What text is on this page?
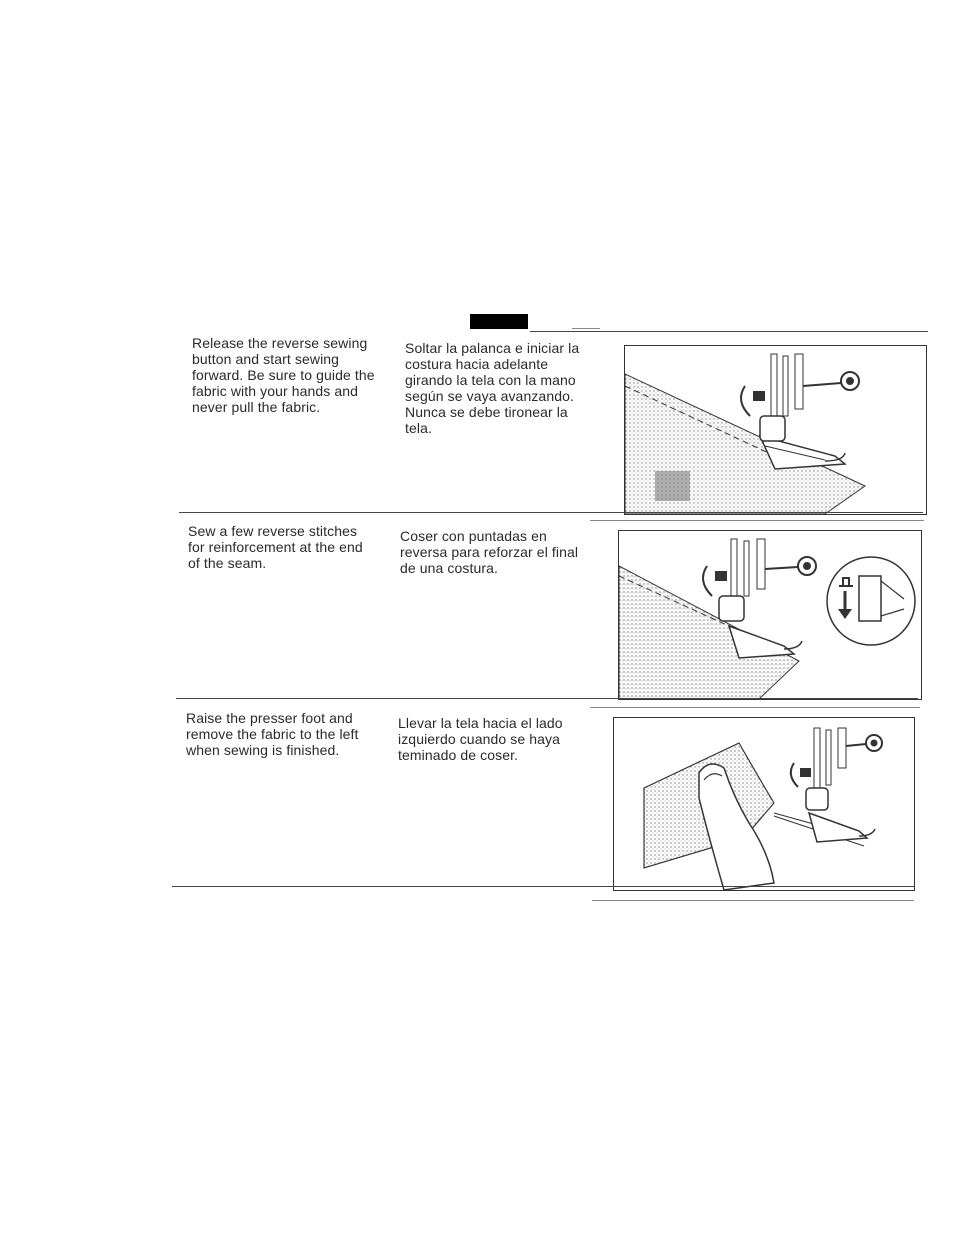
Release the reverse sewing
button and start sewing
forward. Be sure to guide the
fabric with your hands and
never pull the fabric.
Soltar la palanca e iniciar la
costura hacia adelante
girando la tela con la mano
según se vaya avanzando.
Nunca se debe tironear la
tela.
Sew a few reverse stitches
for reinforcement at the end
of the seam.
Coser con puntadas en
reversa para reforzar el final
de una costura.
Raise the presser foot and
remove the fabric to the left
when sewing is finished.
Llevar la tela hacia el lado
izquierdo cuando se haya
teminado de coser.
